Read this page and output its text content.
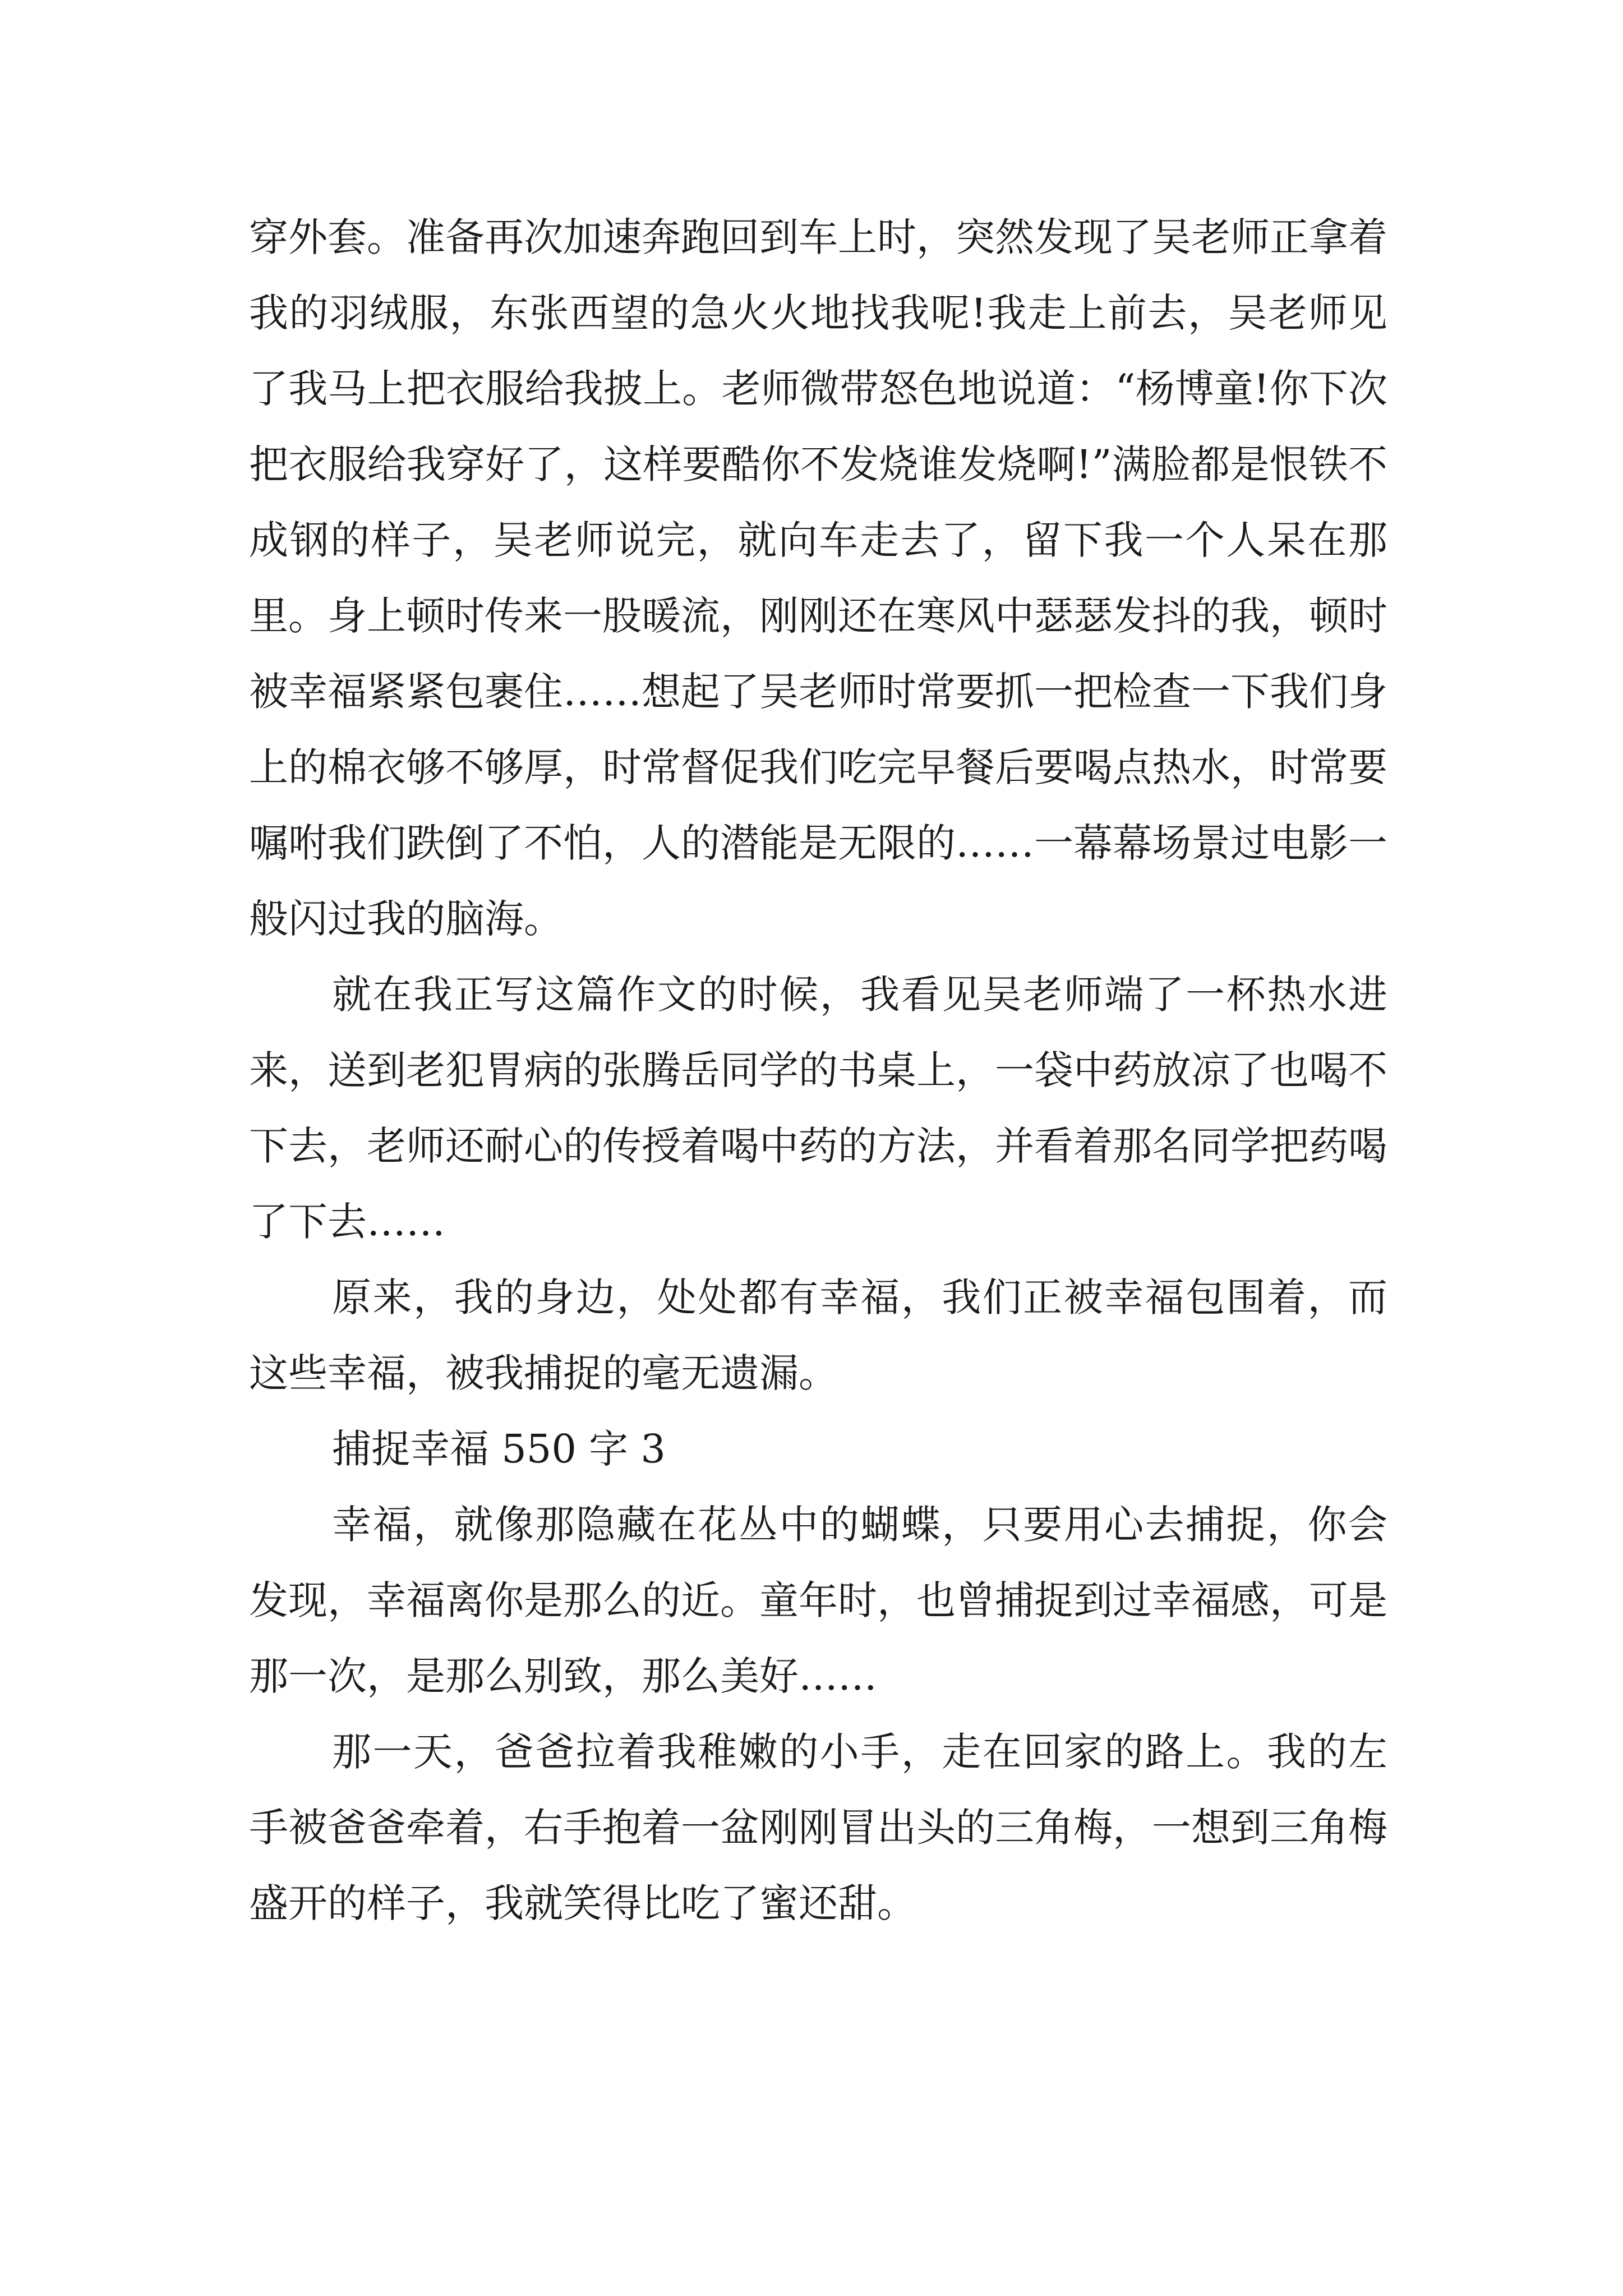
穿外套。准备再次加速奔跑回到车上时，突然发现了吴老师正拿着我的羽绒服，东张西望的急火火地找我呢!我走上前去，吴老师见了我马上把衣服给我披上。老师微带怒色地说道：“杨博童!你下次把衣服给我穿好了，这样要酷你不发烧谁发烧啊!”满脸都是恨铁不成钢的样子，吴老师说完，就向车走去了，留下我一个人呆在那里。身上顿时传来一股暖流，刚刚还在寒风中瑟瑟发抖的我，顿时被幸福紧紧包裹住……想起了吴老师时常要抓一把检查一下我们身上的棉衣够不够厚，时常督促我们吃完早餐后要喝点热水，时常要嘱咐我们跌倒了不怕，人的潜能是无限的……一幕幕场景过电影一般闪过我的脑海。

就在我正写这篇作文的时候，我看见吴老师端了一杯热水进来，送到老犯胃病的张腾岳同学的书桌上，一袋中药放凉了也喝不下去，老师还耐心的传授着喝中药的方法，并看着那名同学把药喝了下去……

原来，我的身边，处处都有幸福，我们正被幸福包围着，而这些幸福，被我捕捉的毫无遗漏。

捕捉幸福 550 字 3

幸福，就像那隐藏在花丛中的蝴蝶，只要用心去捕捉，你会发现，幸福离你是那么的近。童年时，也曾捕捉到过幸福感，可是那一次，是那么别致，那么美好……

那一天，爸爸拉着我稚嫩的小手，走在回家的路上。我的左手被爸爸牵着，右手抱着一盆刚刚冒出头的三角梅，一想到三角梅盛开的样子，我就笑得比吃了蜜还甜。
